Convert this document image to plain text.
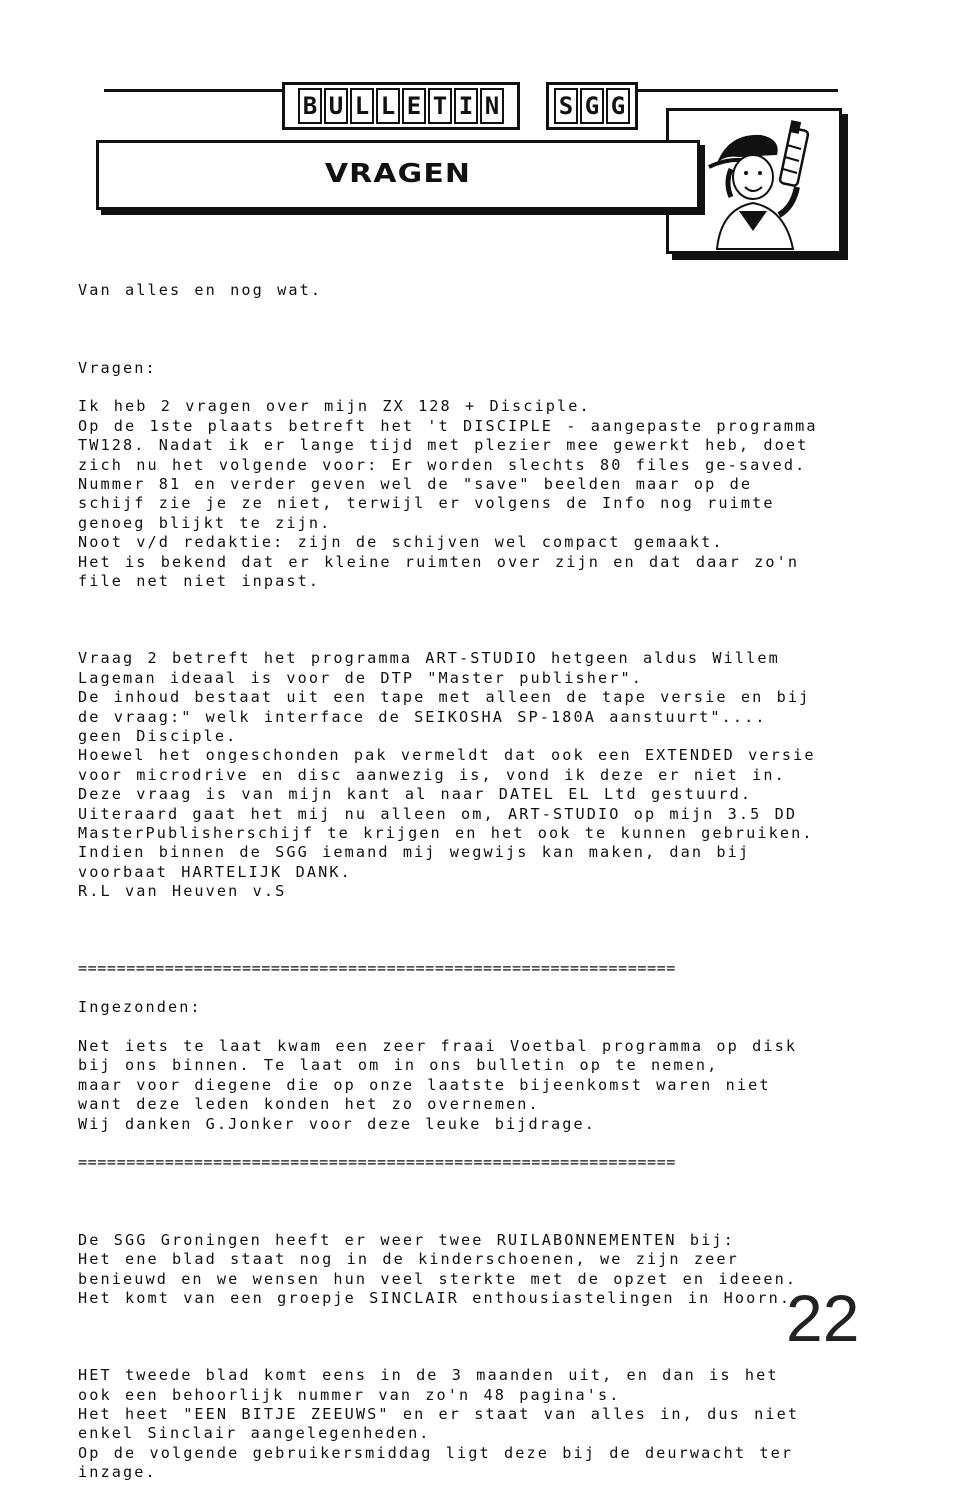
B U L L E T I N S G G
VRAGEN

Van alles en nog wat.

Vragen:

Ik heb 2 vragen over mijn ZX 128 + Disciple.
Op de 1ste plaats betreft het 't DISCIPLE - aangepaste programma
TW128. Nadat ik er lange tijd met plezier mee gewerkt heb, doet
zich nu het volgende voor: Er worden slechts 80 files ge-saved.
Nummer 81 en verder geven wel de "save" beelden maar op de
schijf zie je ze niet, terwijl er volgens de Info nog ruimte
genoeg blijkt te zijn.
Noot v/d redaktie: zijn de schijven wel compact gemaakt.
Het is bekend dat er kleine ruimten over zijn en dat daar zo'n
file net niet inpast.

Vraag 2 betreft het programma ART-STUDIO hetgeen aldus Willem
Lageman ideaal is voor de DTP "Master publisher".
De inhoud bestaat uit een tape met alleen de tape versie en bij
de vraag:" welk interface de SEIKOSHA SP-180A aanstuurt"....
geen Disciple.
Hoewel het ongeschonden pak vermeldt dat ook een EXTENDED versie
voor microdrive en disc aanwezig is, vond ik deze er niet in.
Deze vraag is van mijn kant al naar DATEL EL Ltd gestuurd.
Uiteraard gaat het mij nu alleen om, ART-STUDIO op mijn 3.5 DD
MasterPublisherschijf te krijgen en het ook te kunnen gebruiken.
Indien binnen de SGG iemand mij wegwijs kan maken, dan bij
voorbaat HARTELIJK DANK.
R.L van Heuven v.S

==============================================================

Ingezonden:

Net iets te laat kwam een zeer fraai Voetbal programma op disk
bij ons binnen. Te laat om in ons bulletin op te nemen,
maar voor diegene die op onze laatste bijeenkomst waren niet
want deze leden konden het zo overnemen.
Wij danken G.Jonker voor deze leuke bijdrage.

==============================================================

De SGG Groningen heeft er weer twee RUILABONNEMENTEN bij:
Het ene blad staat nog in de kinderschoenen, we zijn zeer
benieuwd en we wensen hun veel sterkte met de opzet en ideeen.
Het komt van een groepje SINCLAIR enthousiastelingen in Hoorn.

HET tweede blad komt eens in de 3 maanden uit, en dan is het
ook een behoorlijk nummer van zo'n 48 pagina's.
Het heet "EEN BITJE ZEEUWS" en er staat van alles in, dus niet
enkel Sinclair aangelegenheden.
Op de volgende gebruikersmiddag ligt deze bij de deurwacht ter
inzage.

22
